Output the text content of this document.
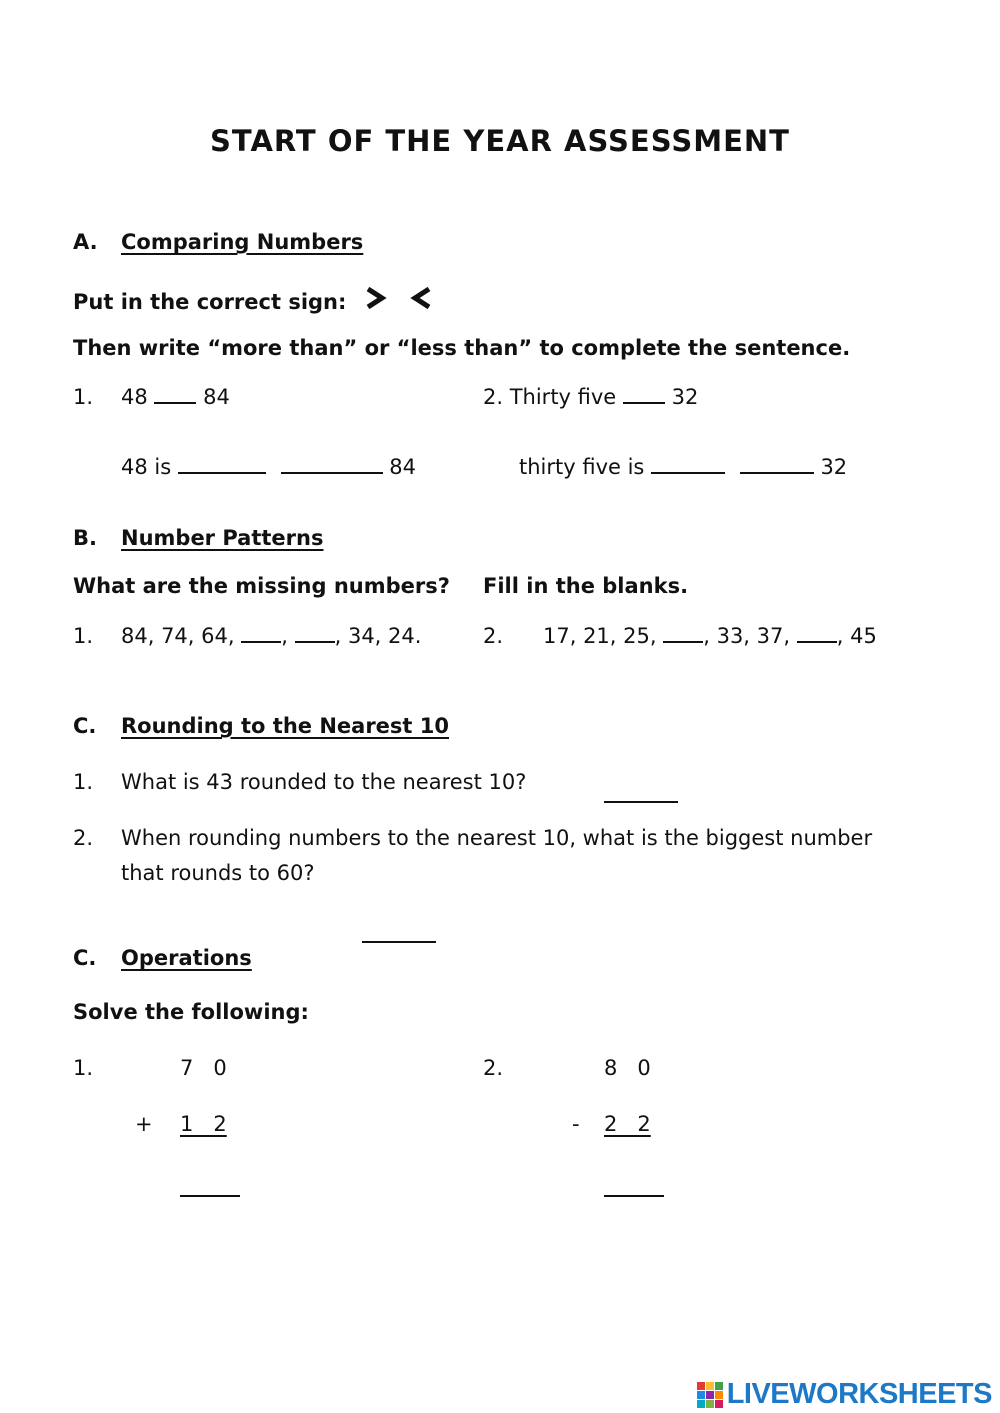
START OF THE YEAR ASSESSMENT
A. Comparing Numbers
Put in the correct sign:
Then write “more than” or “less than” to complete the sentence.
1. 48	84
48 is	84
2. Thirty five	32
thirty five is	32
B. Number Patterns
What are the missing numbers? Fill in the blanks.
1. 84, 74, 64, , , 34, 24.	2. 17, 21, 25, , 33, 37, , 45
C. Rounding to the Nearest 10
1. What is 43 rounded to the nearest 10?
2. When rounding numbers to the nearest 10, what is the biggest number
that rounds to 60?
C. Operations
Solve the following:
1.	7   0
+ 1   2
2.	8   0
- 2   2
LIVEWORKSHEETS
